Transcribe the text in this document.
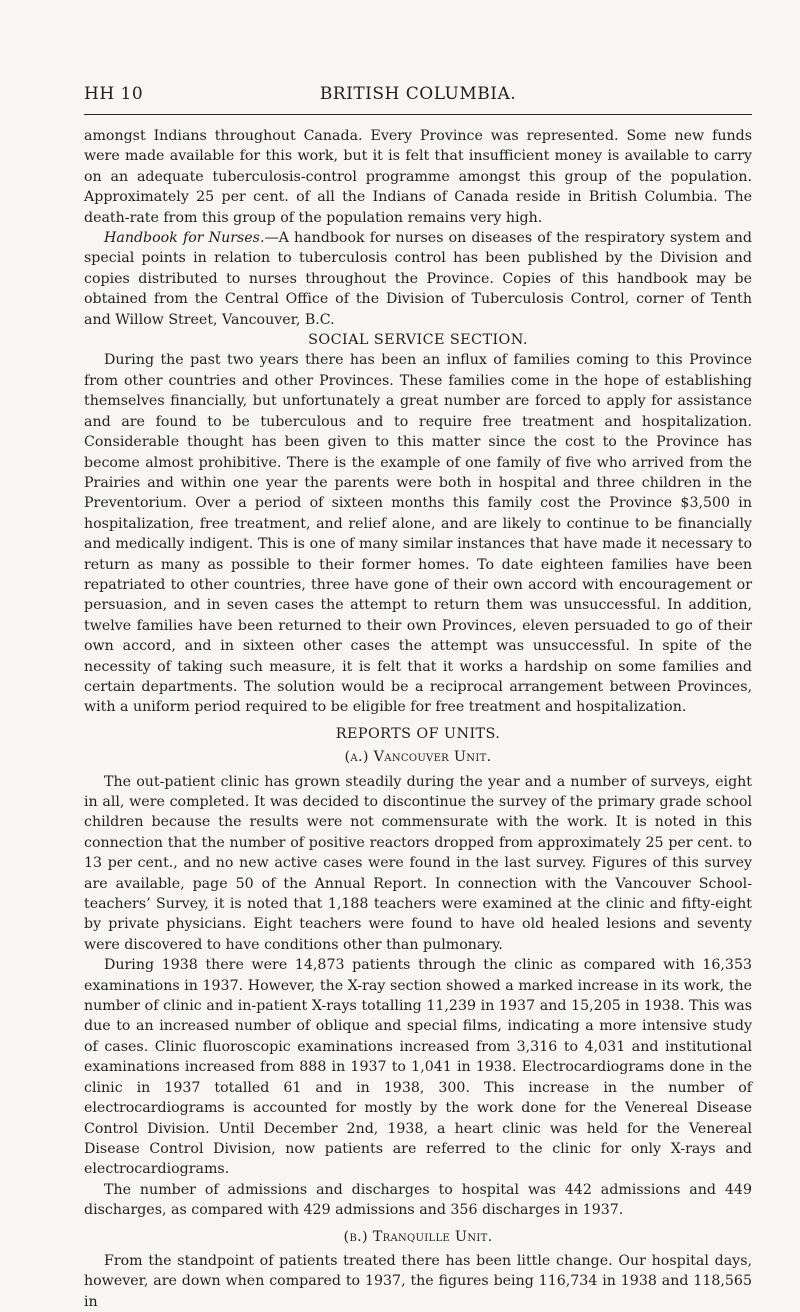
HH 10	BRITISH COLUMBIA.

amongst Indians throughout Canada. Every Province was represented. Some new funds were made available for this work, but it is felt that insufficient money is available to carry on an adequate tuberculosis-control programme amongst this group of the population. Approximately 25 per cent. of all the Indians of Canada reside in British Columbia. The death-rate from this group of the population remains very high.

Handbook for Nurses.—A handbook for nurses on diseases of the respiratory system and special points in relation to tuberculosis control has been published by the Division and copies distributed to nurses throughout the Province. Copies of this handbook may be obtained from the Central Office of the Division of Tuberculosis Control, corner of Tenth and Willow Street, Vancouver, B.C.

SOCIAL SERVICE SECTION.

During the past two years there has been an influx of families coming to this Province from other countries and other Provinces. These families come in the hope of establishing themselves financially, but unfortunately a great number are forced to apply for assistance and are found to be tuberculous and to require free treatment and hospitalization. Considerable thought has been given to this matter since the cost to the Province has become almost prohibitive. There is the example of one family of five who arrived from the Prairies and within one year the parents were both in hospital and three children in the Preventorium. Over a period of sixteen months this family cost the Province $3,500 in hospitalization, free treatment, and relief alone, and are likely to continue to be financially and medically indigent. This is one of many similar instances that have made it necessary to return as many as possible to their former homes. To date eighteen families have been repatriated to other countries, three have gone of their own accord with encouragement or persuasion, and in seven cases the attempt to return them was unsuccessful. In addition, twelve families have been returned to their own Provinces, eleven persuaded to go of their own accord, and in sixteen other cases the attempt was unsuccessful. In spite of the necessity of taking such measure, it is felt that it works a hardship on some families and certain departments. The solution would be a reciprocal arrangement between Provinces, with a uniform period required to be eligible for free treatment and hospitalization.

REPORTS OF UNITS.
(a.) Vancouver Unit.

The out-patient clinic has grown steadily during the year and a number of surveys, eight in all, were completed. It was decided to discontinue the survey of the primary grade school children because the results were not commensurate with the work. It is noted in this connection that the number of positive reactors dropped from approximately 25 per cent. to 13 per cent., and no new active cases were found in the last survey. Figures of this survey are available, page 50 of the Annual Report. In connection with the Vancouver School-teachers’ Survey, it is noted that 1,188 teachers were examined at the clinic and fifty-eight by private physicians. Eight teachers were found to have old healed lesions and seventy were discovered to have conditions other than pulmonary.

During 1938 there were 14,873 patients through the clinic as compared with 16,353 examinations in 1937. However, the X-ray section showed a marked increase in its work, the number of clinic and in-patient X-rays totalling 11,239 in 1937 and 15,205 in 1938. This was due to an increased number of oblique and special films, indicating a more intensive study of cases. Clinic fluoroscopic examinations increased from 3,316 to 4,031 and institutional examinations increased from 888 in 1937 to 1,041 in 1938. Electrocardiograms done in the clinic in 1937 totalled 61 and in 1938, 300. This increase in the number of electrocardiograms is accounted for mostly by the work done for the Venereal Disease Control Division. Until December 2nd, 1938, a heart clinic was held for the Venereal Disease Control Division, now patients are referred to the clinic for only X-rays and electrocardiograms.

The number of admissions and discharges to hospital was 442 admissions and 449 discharges, as compared with 429 admissions and 356 discharges in 1937.

(b.) Tranquille Unit.

From the standpoint of patients treated there has been little change. Our hospital days, however, are down when compared to 1937, the figures being 116,734 in 1938 and 118,565 in
